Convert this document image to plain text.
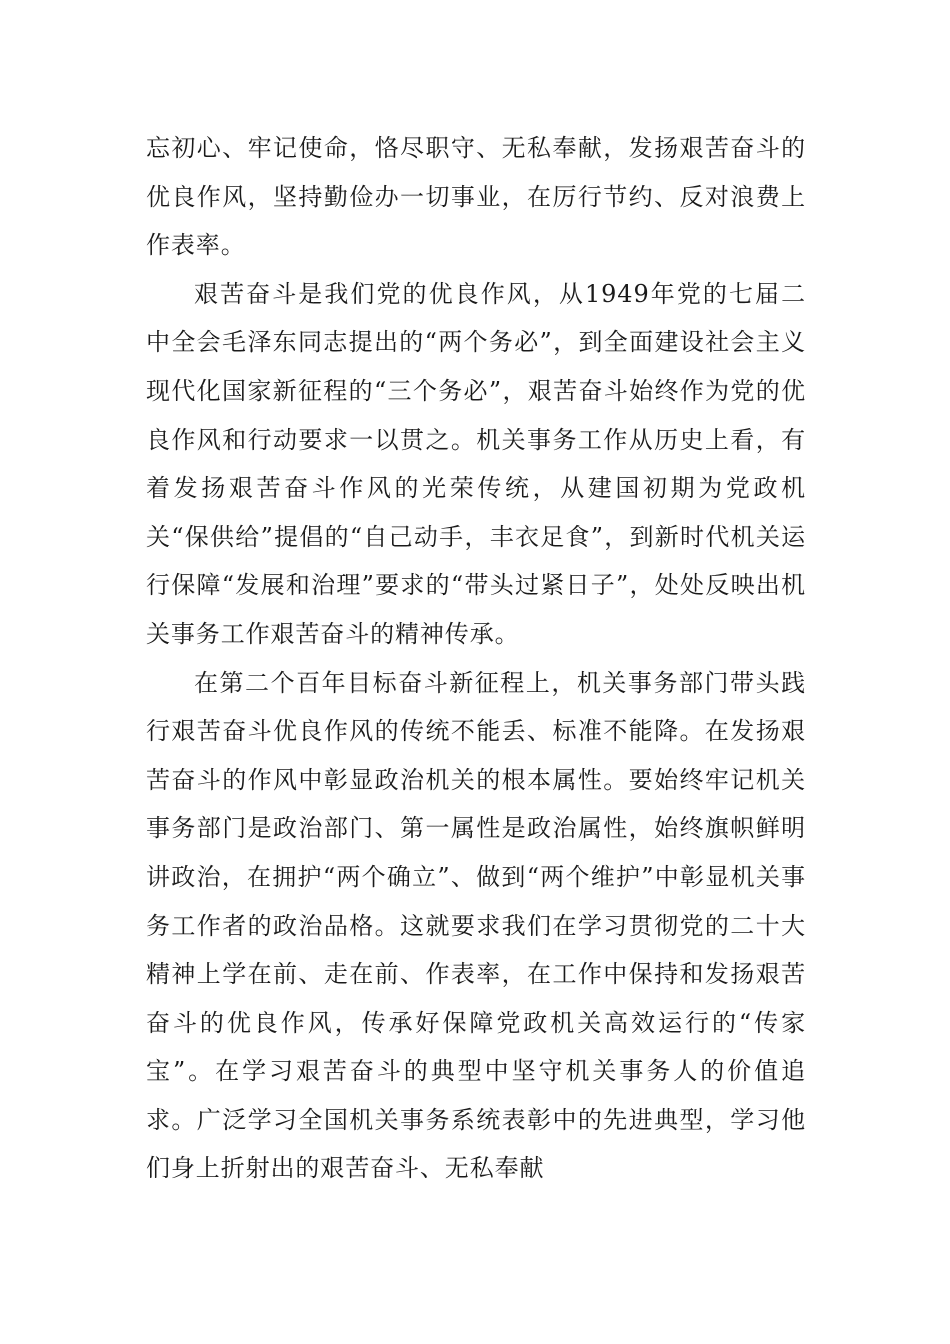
忘初心、牢记使命，恪尽职守、无私奉献，发扬艰苦奋斗的优良作风，坚持勤俭办一切事业，在厉行节约、反对浪费上作表率。

艰苦奋斗是我们党的优良作风，从1949年党的七届二中全会毛泽东同志提出的“两个务必”，到全面建设社会主义现代化国家新征程的“三个务必”，艰苦奋斗始终作为党的优良作风和行动要求一以贯之。机关事务工作从历史上看，有着发扬艰苦奋斗作风的光荣传统，从建国初期为党政机关“保供给”提倡的“自己动手，丰衣足食”，到新时代机关运行保障“发展和治理”要求的“带头过紧日子”，处处反映出机关事务工作艰苦奋斗的精神传承。

在第二个百年目标奋斗新征程上，机关事务部门带头践行艰苦奋斗优良作风的传统不能丢、标准不能降。在发扬艰苦奋斗的作风中彰显政治机关的根本属性。要始终牢记机关事务部门是政治部门、第一属性是政治属性，始终旗帜鲜明讲政治，在拥护“两个确立”、做到“两个维护”中彰显机关事务工作者的政治品格。这就要求我们在学习贯彻党的二十大精神上学在前、走在前、作表率，在工作中保持和发扬艰苦奋斗的优良作风，传承好保障党政机关高效运行的“传家宝”。在学习艰苦奋斗的典型中坚守机关事务人的价值追求。广泛学习全国机关事务系统表彰中的先进典型，学习他们身上折射出的艰苦奋斗、无私奉献
